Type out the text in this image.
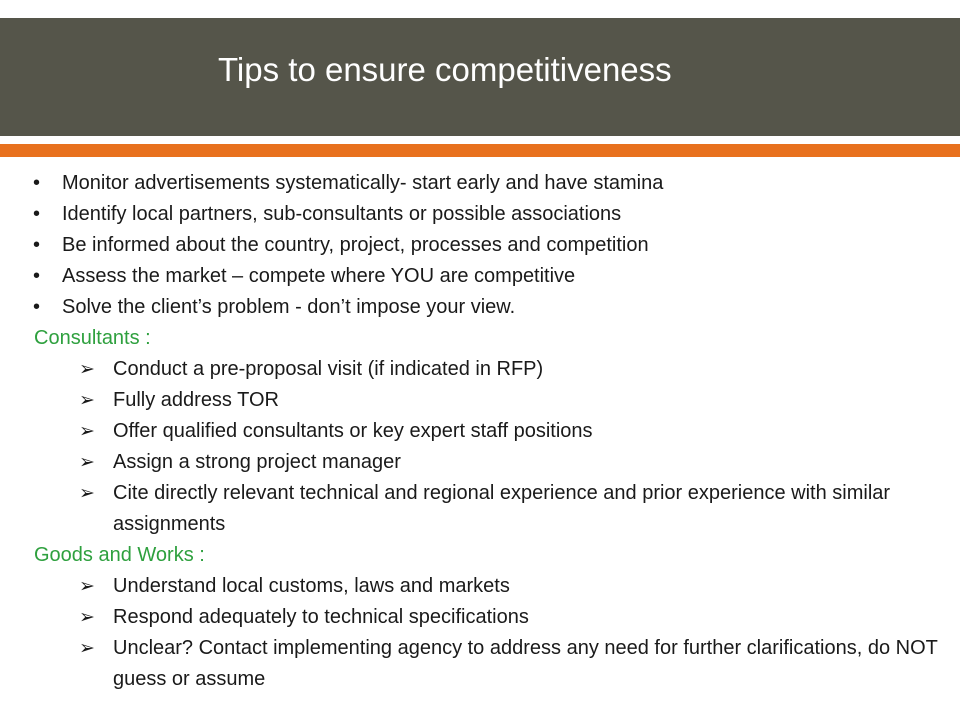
Tips to ensure competitiveness
• Monitor advertisements systematically- start early and have stamina
• Identify local partners, sub-consultants or possible associations
• Be informed about the country, project, processes and competition
• Assess the market – compete where YOU are competitive
• Solve the client’s problem - don’t impose your view.
Consultants :
➢ Conduct a pre-proposal visit (if indicated in RFP)
➢ Fully address TOR
➢ Offer qualified consultants or key expert staff positions
➢ Assign a strong project manager
➢ Cite directly relevant technical and regional experience and prior experience with similar assignments
Goods and Works :
➢ Understand local customs, laws and markets
➢ Respond adequately to technical specifications
➢ Unclear? Contact implementing agency to address any need for further clarifications, do NOT guess or assume
